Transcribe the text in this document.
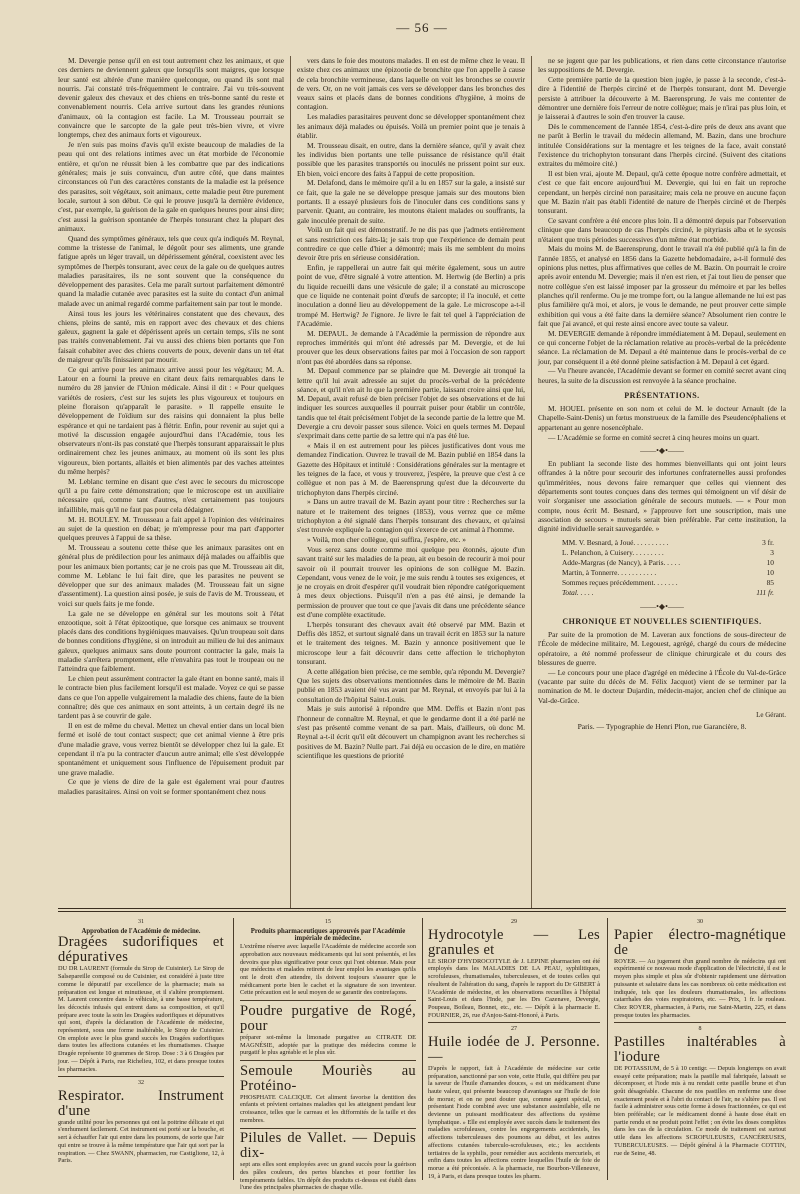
— 56 —

M. Devergie pense qu'il en est tout autrement chez les animaux, et que ces derniers ne deviennent galeux que lorsqu'ils sont maigres, que lorsque leur santé est altérée d'une manière quelconque, ou quand ils sont mal nourris. J'ai constaté très-fréquemment le contraire. J'ai vu très-souvent devenir galeux des chevaux et des chiens en très-bonne santé du reste et convenablement nourris. Cela arrive surtout dans les grandes réunions d'animaux, où la contagion est facile. La M. Trousseau pourrait se convaincre que le sarcopte de la gale peut très-bien vivre, et vivre longtemps, chez des animaux forts et vigoureux.

Je n'en suis pas moins d'avis qu'il existe beaucoup de maladies de la peau qui ont des relations intimes avec un état morbide de l'économie entière, et qu'on ne réussit bien à les combattre que par des indications générales; mais je suis convaincu, d'un autre côté, que dans maintes circonstances où l'un des caractères constants de la maladie est la présence des parasites, soit végétaux, soit animaux, cette maladie peut être purement locale, surtout à son début. Ce qui le prouve jusqu'à la dernière évidence, c'est, par exemple, la guérison de la gale en quelques heures pour ainsi dire; c'est aussi la guérison spontanée de l'herpès tonsurant chez la plupart des animaux.

Quand des symptômes généraux, tels que ceux qu'a indiqués M. Reynal, comme la tristesse de l'animal, le dégoût pour ses aliments, une grande fatigue après un léger travail, un dépérissement général, coexistent avec les symptômes de l'herpès tonsurant, avec ceux de la gale ou de quelques autres maladies parasitaires, ils ne sont souvent que la conséquence du développement des parasites. Cela me paraît surtout parfaitement démontré quand la maladie cutanée avec parasites est la suite du contact d'un animal malade avec un animal regardé comme parfaitement sain par tout le monde.

Ainsi tous les jours les vétérinaires constatent que des chevaux, des chiens, pleins de santé, mis en rapport avec des chevaux et des chiens galeux, gagnent la gale et dépérissent après un certain temps, s'ils ne sont pas traités convenablement. J'ai vu aussi des chiens bien portants que l'on faisait cohabiter avec des chiens couverts de poux, devenir dans un tel état de maigreur qu'ils finissaient par mourir.

Ce qui arrive pour les animaux arrive aussi pour les végétaux; M. A. Latour en a fourni la preuve en citant deux faits remarquables dans le numéro du 28 janvier de l'Union médicale. Ainsi il dit : « Pour quelques variétés de rosiers, c'est sur les sujets les plus vigoureux et toujours en pleine floraison qu'apparaît le parasite. » Il rappelle ensuite le développement de l'oïdium sur des raisins qui donnaient la plus belle espérance et qui ne tardaient pas à flétrir. Enfin, pour revenir au sujet qui a motivé la discussion engagée aujourd'hui dans l'Académie, tous les observateurs n'ont-ils pas constaté que l'herpès tonsurant apparaissait le plus ordinairement chez les jeunes animaux, au moment où ils sont les plus vigoureux, bien portants, allaités et bien alimentés par des vaches atteintes du même herpès?

M. Leblanc termine en disant que c'est avec le secours du microscope qu'il a pu faire cette démonstration; que le microscope est un auxiliaire nécessaire qui, comme tant d'autres, n'est certainement pas toujours infaillible, mais qu'il ne faut pas pour cela dédaigner.

M. H. BOULEY. M. Trousseau a fait appel à l'opinion des vétérinaires au sujet de la question en débat; je m'empresse pour ma part d'apporter quelques preuves à l'appui de sa thèse.

M. Trousseau a soutenu cette thèse que les animaux parasites ont en général plus de prédilection pour les animaux déjà malades ou affaiblis que pour les animaux bien portants; car je ne crois pas que M. Trousseau ait dit, comme M. Leblanc le lui fait dire, que les parasites ne peuvent se développer que sur des animaux malades (M. Trousseau fait un signe d'assentiment). La question ainsi posée, je suis de l'avis de M. Trousseau, et voici sur quels faits je me fonde.

La gale ne se développe en général sur les moutons soit à l'état enzootique, soit à l'état épizootique, que lorsque ces animaux se trouvent placés dans des conditions hygiéniques mauvaises. Qu'un troupeau soit dans de bonnes conditions d'hygiène, si on introduit au milieu de lui des animaux galeux, quelques animaux sans doute pourront contracter la gale, mais la maladie s'arrêtera promptement, elle n'envahira pas tout le troupeau ou ne l'atteindra que faiblement.

Le chien peut assurément contracter la gale étant en bonne santé, mais il le contracte bien plus facilement lorsqu'il est malade. Voyez ce qui se passe dans ce que l'on appelle vulgairement la maladie des chiens, faute de la bien connaître; dès que ces animaux en sont atteints, à un certain degré ils ne tardent pas à se couvrir de gale.

Il en est de même du cheval. Mettez un cheval entier dans un local bien fermé et isolé de tout contact suspect; que cet animal vienne à être pris d'une maladie grave, vous verrez bientôt se développer chez lui la gale. Et cependant il n'a pu la contracter d'aucun autre animal; elle s'est développée spontanément et uniquement sous l'influence de l'épuisement produit par une grave maladie.

Ce que je viens de dire de la gale est également vrai pour d'autres maladies parasitaires. Ainsi on voit se former spontanément chez nous

vers dans le foie des moutons malades. Il en est de même chez le veau. Il existe chez ces animaux une épizootie de bronchite que l'on appelle à cause de cela bronchite vermineuse, dans laquelle on voit les bronches se couvrir de vers. Or, on ne voit jamais ces vers se développer dans les bronches des veaux sains et placés dans de bonnes conditions d'hygiène, à moins de contagion.

Les maladies parasitaires peuvent donc se développer spontanément chez les animaux déjà malades ou épuisés. Voilà un premier point que je tenais à établir.

M. Trousseau disait, en outre, dans la dernière séance, qu'il y avait chez les individus bien portants une telle puissance de résistance qu'il était possible que les parasites transportés ou inoculés ne prissent point sur eux. Eh bien, voici encore des faits à l'appui de cette proposition.

M. Delafond, dans le mémoire qu'il a lu en 1857 sur la gale, a insisté sur ce fait, que la gale ne se développe presque jamais sur des moutons bien portants. Il a essayé plusieurs fois de l'inoculer dans ces conditions sans y parvenir. Quant, au contraire, les moutons étaient malades ou souffrants, la gale inoculée prenait de suite.

Voilà un fait qui est démonstratif. Je ne dis pas que j'admets entièrement et sans restriction ces faits-là; je sais trop que l'expérience de demain peut contredire ce que celle d'hier a démontré; mais ils me semblent du moins devoir être pris en sérieuse considération.

Enfin, je rappellerai un autre fait qui mérite également, sous un autre point de vue, d'être signalé à votre attention. M. Hertwig (de Berlin) a pris du liquide recueilli dans une vésicule de gale; il a constaté au microscope que ce liquide ne contenait point d'œufs de sarcopte; il l'a inoculé, et cette inoculation a donné lieu au développement de la gale. Le microscope a-t-il trompé M. Hertwig? Je l'ignore. Je livre le fait tel quel à l'appréciation de l'Académie.

M. DEPAUL. Je demande à l'Académie la permission de répondre aux reproches immérités qui m'ont été adressés par M. Devergie, et de lui prouver que les deux observations faites par moi à l'occasion de son rapport n'ont pas été abordées dans sa réponse.

M. Depaul commence par se plaindre que M. Devergie ait tronqué la lettre qu'il lui avait adressée au sujet du procès-verbal de la précédente séance, et qu'il n'en ait lu que la première partie, laissant croire ainsi que lui, M. Depaul, avait refusé de bien préciser l'objet de ses observations et de lui indiquer les sources auxquelles il pourrait puiser pour établir un contrôle, tandis que tel était précisément l'objet de la seconde partie de la lettre que M. Devergie a cru devoir passer sous silence. Voici en quels termes M. Depaul s'exprimait dans cette partie de sa lettre qui n'a pas été lue.

« Mais il en est autrement pour les pièces justificatives dont vous me demandez l'indication. Ouvrez le travail de M. Bazin publié en 1854 dans la Gazette des Hôpitaux et intitulé : Considérations générales sur la mentagre et les teignes de la face, et vous y trouverez, j'espère, la preuve que c'est à ce collègue et non pas à M. de Baerensprung qu'est due la découverte du trichophyton dans l'herpès circiné.

» Dans un autre travail de M. Bazin ayant pour titre : Recherches sur la nature et le traitement des teignes (1853), vous verrez que ce même trichophyton a été signalé dans l'herpès tonsurant des chevaux, et qu'ainsi s'est trouvée expliquée la contagion qui s'exerce de cet animal à l'homme.

» Voilà, mon cher collègue, qui suffira, j'espère, etc. »

Vous serez sans doute comme moi quelque peu étonnés, ajoute d'un savant traité sur les maladies de la peau, ait eu besoin de recourir à moi pour savoir où il pourrait trouver les opinions de son collègue M. Bazin. Cependant, vous venez de le voir, je me suis rendu à toutes ses exigences, et je ne croyais en droit d'espérer qu'il voudrait bien répondre catégoriquement à mes deux objections. Puisqu'il n'en a pas été ainsi, je demande la permission de prouver que tout ce que j'avais dit dans une précédente séance est d'une complète exactitude.

L'herpès tonsurant des chevaux avait été observé par MM. Bazin et Deffis dès 1852, et surtout signalé dans un travail écrit en 1853 sur la nature et le traitement des teignes. M. Bazin y annonce positivement que le microscope leur a fait découvrir dans cette affection le trichophyton tonsurant.

A cette allégation bien précise, ce me semble, qu'a répondu M. Devergie? Que les sujets des observations mentionnées dans le mémoire de M. Bazin publié en 1853 avaient été vus avant par M. Reynal, et envoyés par lui à la consultation de l'hôpital Saint-Louis.

Mais je suis autorisé à répondre que MM. Deffis et Bazin n'ont pas l'honneur de connaître M. Reynal, et que le gendarme dont il a été parlé ne s'est pas présenté comme venant de sa part. Mais, d'ailleurs, où donc M. Reynal a-t-il écrit qu'il eût découvert un champignon avant les recherches si positives de M. Bazin? Nulle part. J'ai déjà eu occasion de le dire, en matière scientifique les questions de priorité

ne se jugent que par les publications, et rien dans cette circonstance n'autorise les suppositions de M. Devergie.

Cette première partie de la question bien jugée, je passe à la seconde, c'est-à-dire à l'identité de l'herpès circiné et de l'herpès tonsurant, dont M. Devergie persiste à attribuer la découverte à M. Baerensprung. Je vais me contenter de démontrer une dernière fois l'erreur de notre collègue; mais je n'irai pas plus loin, et je laisserai à d'autres le soin d'en trouver la cause.

Dès le commencement de l'année 1854, c'est-à-dire près de deux ans avant que ne parût à Berlin le travail du médecin allemand, M. Bazin, dans une brochure intitulée Considérations sur la mentagre et les teignes de la face, avait constaté l'existence du trichophyton tonsurant dans l'herpès circiné. (Suivent des citations extraites du mémoire cité.)

Il est bien vrai, ajoute M. Depaul, qu'à cette époque notre confrère admettait, et c'est ce que fait encore aujourd'hui M. Devergie, qui lui en fait un reproche cependant, un herpès circiné non parasitaire; mais cela ne prouve en aucune façon que M. Bazin n'ait pas établi l'identité de nature de l'herpès circiné et de l'herpès tonsurant.

Ce savant confrère a été encore plus loin. Il a démontré depuis par l'observation clinique que dans beaucoup de cas l'herpès circiné, le pityriasis alba et le sycosis n'étaient que trois périodes successives d'un même état morbide.

Mais du moins M. de Baerensprung, dont le travail n'a été publié qu'à la fin de l'année 1855, et analysé en 1856 dans la Gazette hebdomadaire, a-t-il formulé des opinions plus nettes, plus affirmatives que celles de M. Bazin. On pourrait le croire après avoir entendu M. Devergie; mais il n'en est rien, et j'ai tout lieu de penser que notre collègue s'en est laissé imposer par la grosseur du mémoire et par les belles planches qu'il renferme. Ou je me trompe fort, ou la langue allemande ne lui est pas plus familière qu'à moi, et alors, je vous le demande, ne peut prouver cette simple exhibition qui vous a été faite dans la dernière séance? Absolument rien contre le fait que j'ai avancé, et qui reste ainsi encore avec toute sa valeur.

M. DEVERGIE demande à répondre immédiatement à M. Depaul, seulement en ce qui concerne l'objet de la réclamation relative au procès-verbal de la précédente séance. La réclamation de M. Depaul a été maintenue dans le procès-verbal de ce jour, par conséquent il a été donné pleine satisfaction à M. Depaul à cet égard.

— Vu l'heure avancée, l'Académie devant se former en comité secret avant cinq heures, la suite de la discussion est renvoyée à la séance prochaine.

PRÉSENTATIONS.

M. HOUEL présente en son nom et celui de M. le docteur Arnault (de la Chapelle-Saint-Denis) un fœtus monstrueux de la famille des Pseudencéphaliens et appartenant au genre nosencéphale.

— L'Académie se forme en comité secret à cinq heures moins un quart.

——•◆•——

En publiant la seconde liste des hommes bienveillants qui ont joint leurs offrandes à la nôtre pour secourir des infortunes confraternelles aussi profondes qu'imméritées, nous devons faire remarquer que celles qui viennent des départements sont toutes conçues dans des termes qui témoignent un vif désir de voir s'organiser une association générale de secours mutuels. — « Pour mon compte, nous écrit M. Besnard, » j'approuve fort une souscription, mais une association de secours » mutuels serait bien préférable. Par cette institution, la dignité individuelle serait sauvegardée. »

MM. V. Besnard, à Joué. . . . . . . . . .	3 fr.
L. Pelanchon, à Cuisery. . . . . . . . .	3
Adde-Margras (de Nancy), à Paris. . . . .	10
Martin, à Tonnerre. . . . . . . . . . .	10
Sommes reçues précédemment. . . . . . .	85
Total. . . . .	111 fr.
——•◆•——
CHRONIQUE ET NOUVELLES SCIENTIFIQUES.

Par suite de la promotion de M. Laveran aux fonctions de sous-directeur de l'École de médecine militaire, M. Legouest, agrégé, chargé du cours de médecine opératoire, a été nommé professeur de clinique chirurgicale et du cours des blessures de guerre.

— Le concours pour une place d'agrégé en médecine à l'École du Val-de-Grâce (vacante par suite du décès de M. Félix Jacquot) vient de se terminer par la nomination de M. le docteur Dujardin, médecin-major, ancien chef de clinique au Val-de-Grâce.

Le Gérant.
Paris. — Typographie de Henri Plon, rue Garancière, 8.
31
Approbation de l'Académie de médecine.
Dragées sudorifiques et dépuratives

DU DR LAURENT (formule du Sirop de Cuisinier). Le Sirop de Salsepareille composé ou de Cuisinier, est considéré à juste titre comme le dépuratif par excellence de la pharmacie; mais sa préparation est longue et minutieuse, et il s'altère promptement. M. Laurent concentre dans le véhicule, à une basse température, les décoctés infusés qui entrent dans sa composition, et qu'il prépare avec toute la soin les Dragées sudorifiques et dépuratives qui sont, d'après la déclaration de l'Académie de médecine, représentent, sous une forme inaltérable, le Sirop de Cuisinier. On emploie avec le plus grand succès les Dragées sudorifiques dans toutes les affections cutanées et les rhumatismes. Chaque Dragée représente 10 grammes de Sirop. Dose : 3 à 6 Dragées par jour. — Dépôt à Paris, rue Richelieu, 102, et dans presque toutes les pharmacies.

32
Respirator. Instrument d'une

grande utilité pour les personnes qui ont la poitrine délicate et qui s'enrhument facilement. Cet instrument est porté sur la bouche, et sert à échauffer l'air qui entre dans les poumons, de sorte que l'air qui entre se trouve à la même température que l'air qui sort par la respiration. — Chez SWANN, pharmacien, rue Castiglione, 12, à Paris.

15
Produits pharmaceutiques approuvés par l'Académie impériale de médecine.

L'extrême réserve avec laquelle l'Académie de médecine accorde son approbation aux nouveaux médicaments qui lui sont présentés, et les devoirs que plus significative pour ceux qui l'ont obtenue. Mais pour que médecins et malades retirent de leur emploi les avantages qu'ils ont le droit d'en attendre, ils doivent toujours s'assurer que le médicament porte bien le cachet et la signature de son inventeur. Cette précaution est le seul moyen de se garantir des contrefaçons.

Poudre purgative de Rogé, pour

préparer soi-même la limonade purgative au CITRATE DE MAGNÉSIE, adoptée par la pratique des médecins comme le purgatif le plus agréable et le plus sûr.

Semoule Mouriès au Protéino-

PHOSPHATE CALCIQUE. Cet aliment favorise la dentition des enfants et prévient certaines maladies qui les atteignent pendant leur croissance, telles que le carreau et les difformités de la taille et des membres.

Pilules de Vallet. — Depuis dix-

sept ans elles sont employées avec un grand succès pour la guérison des pâles couleurs, des pertes blanches et pour fortifier les tempéraments faibles. Un dépôt des produits ci-dessus est établi dans l'une des principales pharmacies de chaque ville.

29
Hydrocotyle — Les granules et

LE SIROP D'HYDROCOTYLE de J. LEPINE pharmacien ont été employés dans les MALADIES DE LA PEAU, syphilitiques, scrofuleuses, rhumatismales, tuberculeuses, et de toutes celles qui résultent de l'altération du sang, d'après le rapport du Dr GIBERT à l'Académie de médecine, et les observations recueillies à l'hôpital Saint-Louis et dans l'Inde, par les Drs Cazenave, Devergie, Poupeau, Boileau, Bonnet, etc., etc. — Dépôt à la pharmacie E. FOURNIER, 26, rue d'Anjou-Saint-Honoré, à Paris.

27
Huile iodée de J. Personne. —

D'après le rapport, fait à l'Académie de médecine sur cette préparation, sanctionné par son vote, cette Huile, qui diffère peu par la saveur de l'huile d'amandes douces, « est un médicament d'une haute valeur, qui présente beaucoup d'avantages sur l'huile de foie de morue; et on ne peut douter que, comme agent spécial, en présentant l'iode combiné avec une substance assimilable, elle ne devienne un puissant modificateur des affections du système lymphatique. » Elle est employée avec succès dans le traitement des maladies scrofuleuses, contre les engorgements accidentels, les affections tuberculeuses des poumons au début, et les autres affections cutanées tuberculo-scrofuleuses, etc.; les accidents tertiaires de la syphilis, pour remédier aux accidents mercuriels, et enfin dans toutes les affections contre lesquelles l'huile de foie de morue a été préconisée. A la pharmacie, rue Bourbon-Villeneuve, 19, à Paris, et dans presque toutes les pharm.

30
Papier électro-magnétique de

ROYER. — Au jugement d'un grand nombre de médecins qui ont expérimenté ce nouveau mode d'application de l'électricité, il est le moyen plus simple et plus sûr d'obtenir rapidement une dérivation puissante et salutaire dans les cas nombreux où cette médication est indiquée, tels que les douleurs rhumatismales, les affections catarrhales des voies respiratoires, etc. — Prix, 1 fr. le rouleau. Chez ROYER, pharmacien, à Paris, rue Saint-Martin, 225, et dans presque toutes les pharmacies.

8
Pastilles inaltérables à l'iodure

DE POTASSIUM, de 5 à 10 centigr. — Depuis longtemps on avait essayé cette préparation; mais la pastille mal fabriquée, laissait se décomposer, et l'iode mis à nu rendait cette pastille brune et d'un goût désagréable. Chacune de nos pastilles en renferme une dose exactement pesée et à l'abri du contact de l'air, ne s'altère pas. Il est facile à administrer sous cette forme à doses fractionnées, ce qui est bien préférable; car le médicament donné à haute dose était en partie rendu et ne produit point l'effet ; on évite les doses complètes dans les cas de la circulation. Ce mode de traitement est surtout utile dans les affections SCROFULEUSES, CANCÉREUSES, TUBERCULEUSES. — Dépôt général à la Pharmacie COTTIN, rue de Seine, 48.
